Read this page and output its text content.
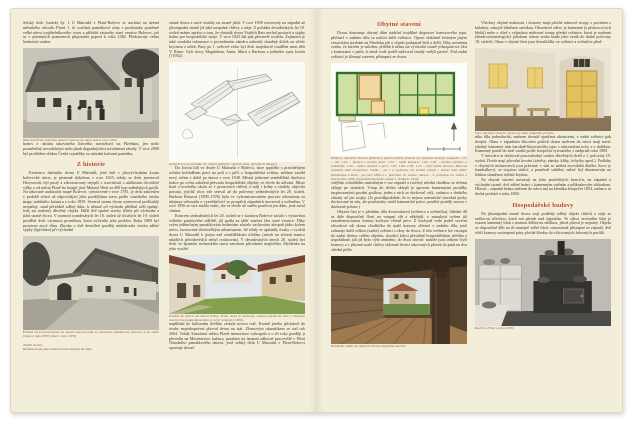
Selský dvůr (statek) čp. 1 U Matoušů v Plzni-Bolevci se nachází na území městského obvodu Plzeň 1. Je součástí památkové zóny s pozůstatky poměrně velké návsi trojúhelníkového tvaru a přilehlé zástavby staré vesnice Bolevec, jež se v písemných pramenech připomíná poprvé k roku 1382. Představuje velmi hodnotný soubor

Hlavní průčelí obytného stavení směrem do návsi kolem roku 1900.

budov z okruhu takzvaného lidového stavitelství na Plzeňsku, jen málo pozměněný novodobými nebo jinak degradujícími stavebními zásahy. V roce 2008 byl prohlášen vládou České republiky za národní kulturní památku.

Z historie

Existence dnešního dvora U Matoušů, jenž leží v jihovýchodním koutu bolevecké návsi, je písemně doložena v roce 1635: tehdy se dvůr jmenoval Hrzywostů, byl pustý a zdevastovaný nejspíš v souvislosti s událostmi třicetileté války a od města Plzně ho koupil jistý Matouš Wezl za 400 kop míšeňských grošů. Na takzvané raabizační mapě Bolevce, vyhotovené v roce 1781, je dvůr zakreslen v podobě zčásti už odpovídající jeho pozdějšímu stavu podle císařského otisku mapy stabilního katastru z roku 1839. Severní stranu dvora vymezoval podlouhlý nespalný, snad převážně zděný dům, k němuž od východu přiléhal užší spalný, tedy asi roubený dřevěný objekt. Další dvě spalné stavby ležely při východní a jižní straně dvora. V rozmezí osmdesátých let 18. století až třicátých let 19. století prodělal dvůr výraznou proměnou, která ovlivnila jeho podobu. Roku 1809 byl postaven nový dům. Zhruba o dvě desetiletí později následovala stavba zděné sýpky (špýcharu) při východní

Pohled od severovýchodu na obytné stavení ještě se slaměnou (doškovou) střechou a na zadní bránu z roku 1830. (Stav v roce 1970)

Titulní strana:

Koňská hlava jako znamení nad vstupem do stáje.

straně dvora a nové stodoly na straně jižní. V roce 1839 existovaly na západní až jihozápadní straně již také nespalné chlévy a stáje. Z počátku devadesátých let 19. století máme zprávu o tom, že vlastník dvora Vojtěch Rais nechal postavit u sýpky kolnu pro hospodářské stroje. V roce 1925 dal pak přestavět stodolu. Zajímavá je také soudobá informace o provedeném záměru nahradit slaměný došek na střeše krytinou z tašek. Brzy po 1. světové válce byl dvůr majetkově rozdělen mezi děti V. Raise: čtyři dcery Magdalenu, Annu, Marii a Barboru a jediného syna Josefa (†1932).

Areál dvora na počátku 20. století (fakticky i dnešní stav). (Kresba P. Rieger)

Do života lidí ve dvoře U Matoušů v Bolevci, úzce spjatého s pravidelným ročním koloběhem prací na poli a s péčí o hospodářská zvířata, neblaze zasáhl nový režim v době po únoru v roce 1948. Místní jednotné zemědělské družstvo krátce po svém založení převzalo hospodářské objekty ve dvoře do užívání. Místo koní a hovězího skotu se v prostorách chlévů a stájí i kolny a stodoly objevila prasata, jejichž chov zde setrval až do poloviny sedmdesátých let 20. století. Barbora Raisová (1899–1976) byla ve vykonstruovaném procesu odsouzena za údajnou velezradu a vyzvědačství ve prospěch západních mocností a uvězněna. V roce 1956 se sice mohla vrátit, ale ve dvoře už směla používat jen dům, jenž začal chátrat.

Koncem sedmdesátých let 20. století se v katastru Bolevce začalo s výstavbou velkého panelového sídliště, jíž padla za oběť značná část staré vesnice. Díky svým jedinečným památkovým hodnotám zůstalo zachováno alespoň jádro kolem návsi, formované středověkým urbanismem. Již tehdy se uplatnily úvahy o využití dvora U Matoušů k jiným než zemědělským účelům (návrh na zřízení stanice mladých přírodovědců nebyl realizován). V devadesátých letech 20. století byl dvůr ve špatném technickém stavu navrácen původním majitelům. Myšlenka na jeho využití

Pohled do dvora od hlavní brány. Zcela vlevo je kamenný vstupní portál do síně v obytném stavení (na nadpraží portálu je vyryt letopočet 1809).

například ke kulturním účelům získala novou tvář. Kromě jiného přicházel do úvahy majetkoprávní převod dvora na stát. Zlomovým okamžikem se stal rok 2004. Tehdy Statutární město Plzeň nemovitost vykoupila a o tři roky později ji převedla na Ministerstvo kultury, potažmo na územní odborné pracoviště v Plzni Národního památkového ústavu, jenž selský dvůr U Matoušů v Plzni-Bolevci spravuje dosud.

Obytné stavení

Dvoru dominuje obytný dům tradiční trojdílné dispozice komorového typu, přičemž v zadním dílu se nalézá další světnice. Oproti obdobně řešeným jiným vesnickým stavbám na Plzeňsku jde o objekt podstatně širší a delší. Díky mírnému svahu, ve kterém je založen, přiléhá k němu na východní straně jednopatrová část s komorami v patře, k nimž vede podél nádvorní fasády vnější pavlač. Pod zadní světnicí je klenutý suterén, přístupný ze dvora

Půdorys obytného stavení (přízemí a patro-zvýšené přízemí na východní straně). Legenda: 1.01 – síň; 1.02 – kuchyň s torzem pece; 1.03 – malá komora; 1.04, 1.05 – přední světnice a světnička; 1.06 – zadní světnice s pecí; 1.07, 1.08, 1.09, 1.10 – čtyři zadní komory. Barevné rozlišení stáří konstrukcí: hnědě – asi z 2. poloviny 18. století; zeleně – kolem roku 1809; žlutozeleně a žlutě – po roce 1809 a 1. polovina 19. století; okrově – 2. polovina 19. století a kolem roku 1900. (Stavebněhistorický rozbor J. Anderle, 2016)

vnějším schodištěm umístěným v ose zápraží a tvořený střední chodbou se dvěma sklepy po stranách. Vstup do těchto sklepů je upraven kamennými portálky inspirovanými pozdní gotikou; jeden z nich se dochoval celý, zatímco z druhého zůstaly už jen stojky. (Je pravděpodobné, že to nejsou autentické stavební prvky dochované in situ, ale pozůstatky starší kamenické práce, použité později znovu v druhotné poloze.)

Obytná část je v předním dílu dvoutraktová (světnice a světnička). Střední díl se dále dispozičně člení na vstupní síň a někdejší, v minulosti ovšem již zmodernizovanou černou kuchyni včetně pece. Z kuchyně vede podél severní obvodové zdi domu chodbička do malé komory zřízené v zadním dílu, jenž zahrnuje další velkou (zadní) světnici s okny do dvora. Z této světnice lze vstoupit do zadní třetiny celého objektu, sloužící kdysi převážně hospodářským účelům a uspořádané, jak již bylo výše zmíněno, do dvou úrovní: nahoře jsou celkem čtyři komory a v přízemí malé chlévy sklenuté šesticí takzvaných placek do pasů na dva střední pilíře.

Pavláčka vzadu na nádvorní straně obytného stavení.

Všechny obytné místnosti i komory mají ploché trámové stropy s povalem z kulatiny, zakryté hliněnou omítkou. Obvodové zdivo je kamenné (z pískovcových bloků) nebo z cihel s výjimkou nádvorní strany přední světnice, která je roubená (dendrochronologický průzkum tohoto srubu klade jeho vznik do druhé poloviny 18. století). Okna v obytné části jsou dvoukřídlá, ve světnici a světničce před-

Síň v obytném stavení. Vpravo je nika vstupního portálu.

ního dílu jednoduchá, směrem dovnitř opatřená okenicemi, v zadní světnici pak dvojitá. Okna v západním štítovém průčelí domu směrem do návsi mají navíc zdobný kamenný rám barokně-klasicistního typu s takzvanými uchy a s drážkou. Kamenný portál do síně vznikl podle letopočtu vytesaného v nadpraží roku 1809.

V interiéru se dochoval pozoruhodný soubor dřevěných dveří z 1. poloviny 19. století. Dveře mají původní kování (závěsy, zámky, kliky, úchytky apod.). Podlahy v obytných místnostech jsou prkenné, v síni se nalézá novodobá dlažba. Krov je hambalkový, se stojatou stolicí, a poměrně subtilní, neboť byl dimenzován na lehkou slaměnou střešní krytinu.

Na obytné stavení navazují na jeho protilehlých koncích, na západní a východní straně, dvě zděné brány s kamenným ostěním a půlkruhovým obloukem. Hlavní – západní brána směrem do návsi má na klenáku letopočet 1834, zatímco ta druhá pochází z roku 1830.

Hospodářské budovy

Na jihozápadní straně dvora stojí podélný zděný objekt chlévů a stáje se sedlovou střechou, která má přesah nad zápražím. Ve zdivu severního štítu je osazen kamenný blok s tesanou křížovou stříškou, jehož původ je nejasný. Objekt se dispozičně dělí na tři nestejně velké části; samostatně přístupné ze zápraží, dvě větší komory zastropené pásy ploché klenby do válcovaných železných profilů

Kuchyň. (Foto z roku 1993)
